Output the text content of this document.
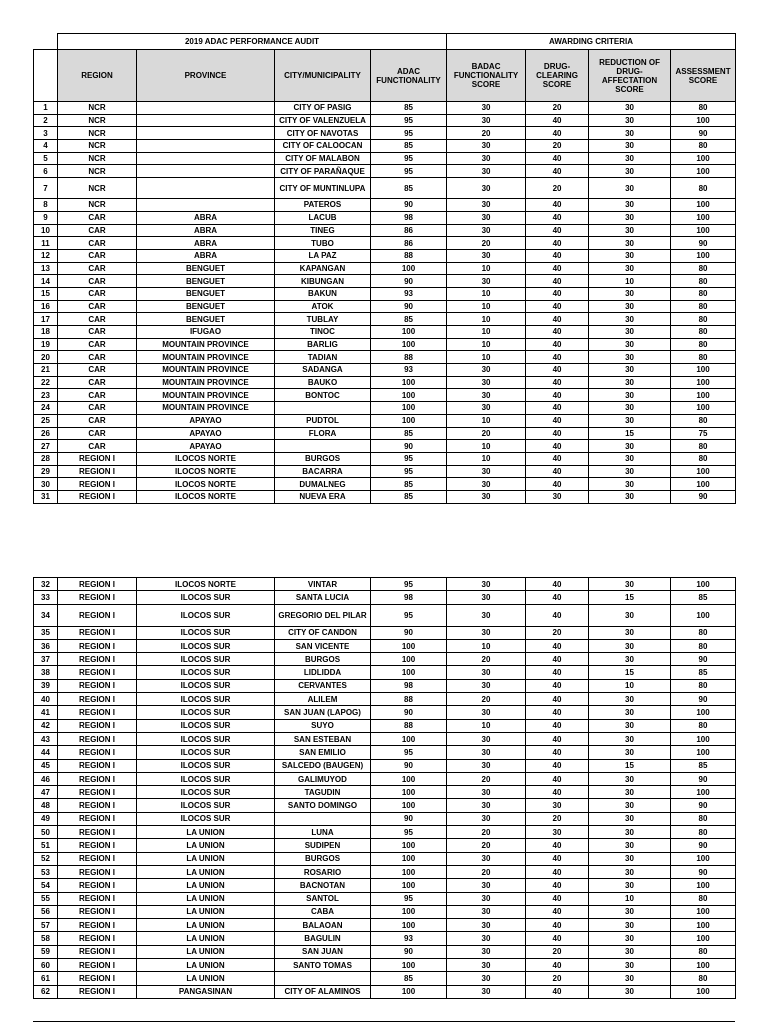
	2019 ADAC PERFORMANCE AUDIT				AWARDING CRITERIA			
	REGION	PROVINCE	CITY/MUNICIPALITY	ADAC FUNCTIONALITY	BADAC FUNCTIONALITY SCORE	DRUG-CLEARING SCORE	REDUCTION OF DRUG-AFFECTATION SCORE	ASSESSMENT SCORE
1	NCR		CITY OF PASIG	85	30	20	30	80
2	NCR		CITY OF VALENZUELA	95	30	40	30	100
3	NCR		CITY OF NAVOTAS	95	20	40	30	90
4	NCR		CITY OF CALOOCAN	85	30	20	30	80
5	NCR		CITY OF MALABON	95	30	40	30	100
6	NCR		CITY OF PARAÑAQUE	95	30	40	30	100
7	NCR		CITY OF MUNTINLUPA	85	30	20	30	80
8	NCR		PATEROS	90	30	40	30	100
9	CAR	ABRA	LACUB	98	30	40	30	100
10	CAR	ABRA	TINEG	86	30	40	30	100
11	CAR	ABRA	TUBO	86	20	40	30	90
12	CAR	ABRA	LA PAZ	88	30	40	30	100
13	CAR	BENGUET	KAPANGAN	100	10	40	30	80
14	CAR	BENGUET	KIBUNGAN	90	30	40	10	80
15	CAR	BENGUET	BAKUN	93	10	40	30	80
16	CAR	BENGUET	ATOK	90	10	40	30	80
17	CAR	BENGUET	TUBLAY	85	10	40	30	80
18	CAR	IFUGAO	TINOC	100	10	40	30	80
19	CAR	MOUNTAIN PROVINCE	BARLIG	100	10	40	30	80
20	CAR	MOUNTAIN PROVINCE	TADIAN	88	10	40	30	80
21	CAR	MOUNTAIN PROVINCE	SADANGA	93	30	40	30	100
22	CAR	MOUNTAIN PROVINCE	BAUKO	100	30	40	30	100
23	CAR	MOUNTAIN PROVINCE	BONTOC	100	30	40	30	100
24	CAR	MOUNTAIN PROVINCE		100	30	40	30	100
25	CAR	APAYAO	PUDTOL	100	10	40	30	80
26	CAR	APAYAO	FLORA	85	20	40	15	75
27	CAR	APAYAO		90	10	40	30	80
28	REGION I	ILOCOS NORTE	BURGOS	95	10	40	30	80
29	REGION I	ILOCOS NORTE	BACARRA	95	30	40	30	100
30	REGION I	ILOCOS NORTE	DUMALNEG	85	30	40	30	100
31	REGION I	ILOCOS NORTE	NUEVA ERA	85	30	30	30	90
32	REGION I	ILOCOS NORTE	VINTAR	95	30	40	30	100
33	REGION I	ILOCOS SUR	SANTA LUCIA	98	30	40	15	85
34	REGION I	ILOCOS SUR	GREGORIO DEL PILAR	95	30	40	30	100
35	REGION I	ILOCOS SUR	CITY OF CANDON	90	30	20	30	80
36	REGION I	ILOCOS SUR	SAN VICENTE	100	10	40	30	80
37	REGION I	ILOCOS SUR	BURGOS	100	20	40	30	90
38	REGION I	ILOCOS SUR	LIDLIDDA	100	30	40	15	85
39	REGION I	ILOCOS SUR	CERVANTES	98	30	40	10	80
40	REGION I	ILOCOS SUR	ALILEM	88	20	40	30	90
41	REGION I	ILOCOS SUR	SAN JUAN (LAPOG)	90	30	40	30	100
42	REGION I	ILOCOS SUR	SUYO	88	10	40	30	80
43	REGION I	ILOCOS SUR	SAN ESTEBAN	100	30	40	30	100
44	REGION I	ILOCOS SUR	SAN EMILIO	95	30	40	30	100
45	REGION I	ILOCOS SUR	SALCEDO (BAUGEN)	90	30	40	15	85
46	REGION I	ILOCOS SUR	GALIMUYOD	100	20	40	30	90
47	REGION I	ILOCOS SUR	TAGUDIN	100	30	40	30	100
48	REGION I	ILOCOS SUR	SANTO DOMINGO	100	30	30	30	90
49	REGION I	ILOCOS SUR		90	30	20	30	80
50	REGION I	LA UNION	LUNA	95	20	30	30	80
51	REGION I	LA UNION	SUDIPEN	100	20	40	30	90
52	REGION I	LA UNION	BURGOS	100	30	40	30	100
53	REGION I	LA UNION	ROSARIO	100	20	40	30	90
54	REGION I	LA UNION	BACNOTAN	100	30	40	30	100
55	REGION I	LA UNION	SANTOL	95	30	40	10	80
56	REGION I	LA UNION	CABA	100	30	40	30	100
57	REGION I	LA UNION	BALAOAN	100	30	40	30	100
58	REGION I	LA UNION	BAGULIN	93	30	40	30	100
59	REGION I	LA UNION	SAN JUAN	90	30	20	30	80
60	REGION I	LA UNION	SANTO TOMAS	100	30	40	30	100
61	REGION I	LA UNION		85	30	20	30	80
62	REGION I	PANGASINAN	CITY OF ALAMINOS	100	30	40	30	100
